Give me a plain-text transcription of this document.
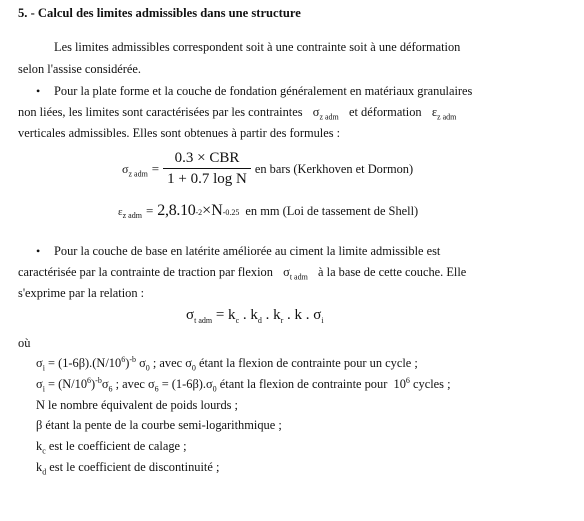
5. - Calcul des limites admissibles dans une structure
Les limites admissibles correspondent soit à une contrainte soit à une déformation
selon l'assise considérée.
• Pour la plate forme et la couche de fondation généralement en matériaux granulaires
non liées, les limites sont caractérisées par les contraintes $\sigma_{z adm}$ et déformation $\varepsilon_{z adm}$
verticales admissibles. Elles sont obtenues à partir des formules :
$\sigma_{z adm} = \frac{\text{0.3 × CBR}}{\text{1 + 0.7 log N}}$ en bars (Kerkhoven et Dormon)
$\varepsilon_{z adm} = 2,8.10$ -2 ×N -0.25 en mm (Loi de tassement de Shell)
• Pour la couche de base en latérite améliorée au ciment la limite admissible est
caractérisée par la contrainte de traction par flexion $\sigma_{t adm}$ à la base de cette couche. Elle
s'exprime par la relation :
$\sigma_{t adm} = k_c$ . $k_d$ . $k_r$ . k . $\sigma_i$
où
$\sigma_i = (1-6\beta).(N/10^6)^{-b}$ $\sigma_0$ ; avec $\sigma_0$ étant la flexion de contrainte pour un cycle ;
$\sigma_i = (N/10^6)^{-b}\sigma_6$ ; avec $\sigma_6 = (1-6\beta).\sigma_0$ étant la flexion de contrainte pour  $10^6$ cycles ;
N le nombre équivalent de poids lourds ;
β étant la pente de la courbe semi-logarithmique ;
$k_c$ est le coefficient de calage ;
$k_d$ est le coefficient de discontinuité ;
